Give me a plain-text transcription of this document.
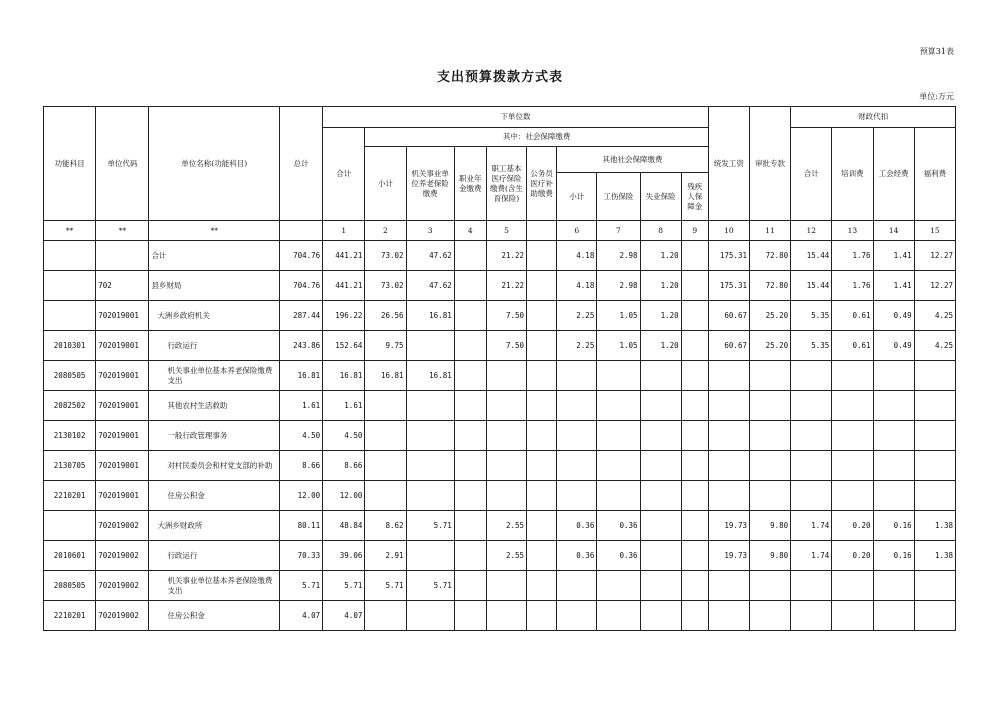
预算31表
支出预算拨款方式表
单位:万元
功能科目	单位代码	单位名称(功能科目)	总计	下单位数										统发工资	审批专款	财政代扣			
				合计	其中：社会保障缴费											合计	培训费	工会经费	福利费
					小计	机关事业单位养老保险缴费	职业年金缴费	职工基本医疗保险缴费(含生育保险)	公务员医疗补助缴费	其他社会保障缴费									
										小计	工伤保险	失业保险	残疾人保障金						
**	**	**		1	2	3	4	5		6	7	8	9	10	11	12	13	14	15
		合计	704.76	441.21	73.02	47.62		21.22		4.18	2.98	1.20		175.31	72.80	15.44	1.76	1.41	12.27
	702	县乡财局	704.76	441.21	73.02	47.62		21.22		4.18	2.98	1.20		175.31	72.80	15.44	1.76	1.41	12.27
	702019001	大洲乡政府机关	287.44	196.22	26.56	16.81		7.50		2.25	1.05	1.20		60.67	25.20	5.35	0.61	0.49	4.25
2010301	702019001	行政运行	243.86	152.64	9.75			7.50		2.25	1.05	1.20		60.67	25.20	5.35	0.61	0.49	4.25
2080505	702019001	机关事业单位基本养老保险缴费支出	16.81	16.81	16.81	16.81													
2082502	702019001	其他农村生活救助	1.61	1.61															
2130102	702019001	一般行政管理事务	4.50	4.50															
2130705	702019001	对村民委员会和村党支部的补助	8.66	8.66															
2210201	702019001	住房公积金	12.00	12.00															
	702019002	大洲乡财政所	80.11	48.84	8.62	5.71		2.55		0.36	0.36			19.73	9.80	1.74	0.20	0.16	1.38
2010601	702019002	行政运行	70.33	39.06	2.91			2.55		0.36	0.36			19.73	9.80	1.74	0.20	0.16	1.38
2080505	702019002	机关事业单位基本养老保险缴费支出	5.71	5.71	5.71	5.71													
2210201	702019002	住房公积金	4.07	4.07															
